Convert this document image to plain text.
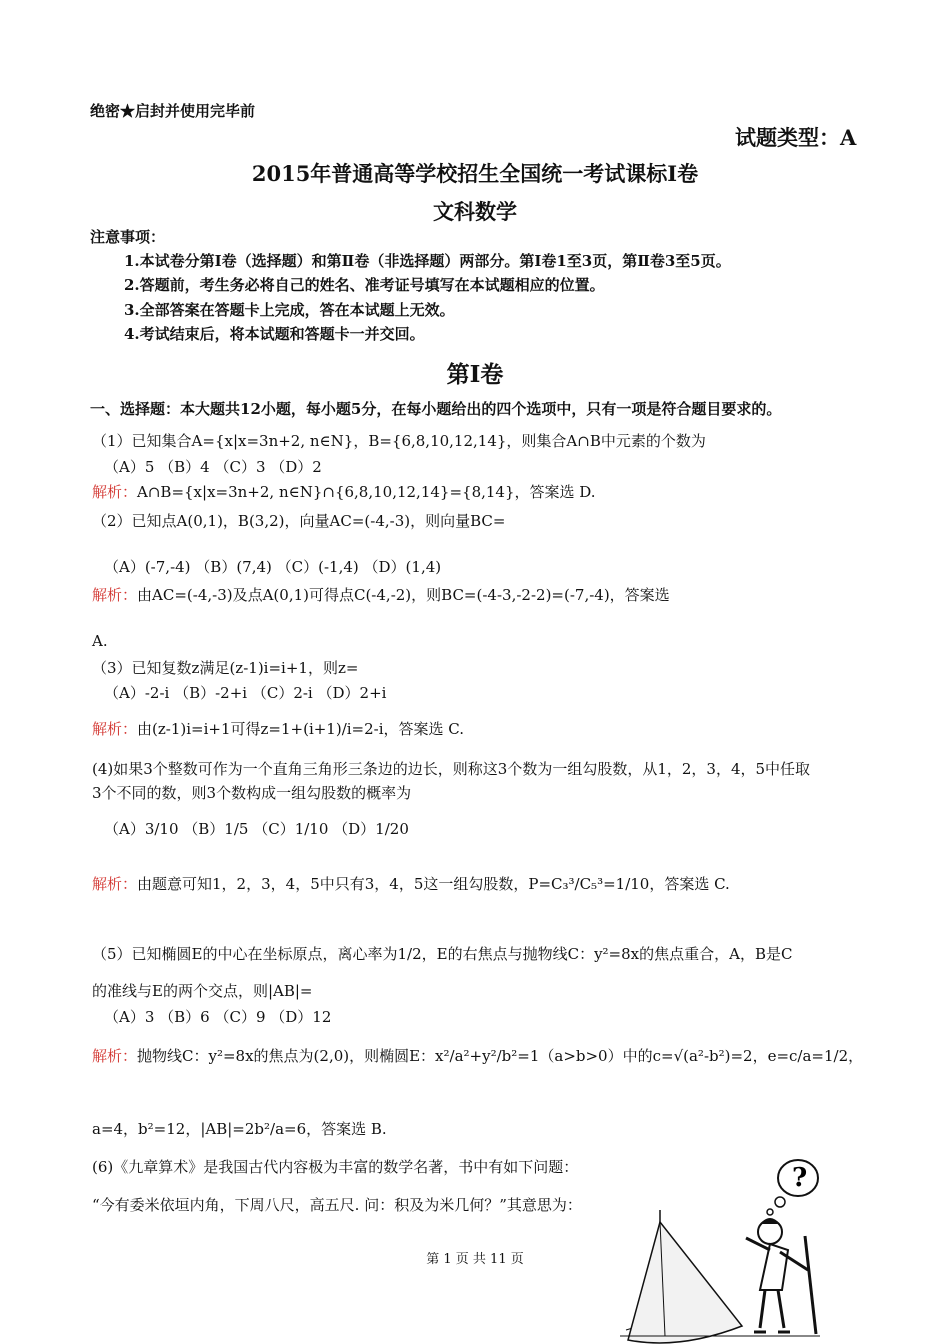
绝密★启封并使用完毕前
试题类型：A
2015年普通高等学校招生全国统一考试课标Ⅰ卷
文科数学
注意事项：
1.本试卷分第Ⅰ卷（选择题）和第Ⅱ卷（非选择题）两部分。第Ⅰ卷1至3页，第Ⅱ卷3至5页。
2.答题前，考生务必将自己的姓名、准考证号填写在本试题相应的位置。
3.全部答案在答题卡上完成，答在本试题上无效。
4.考试结束后，将本试题和答题卡一并交回。
第Ⅰ卷
一、选择题：本大题共12小题，每小题5分，在每小题给出的四个选项中，只有一项是符合题目要求的。
（1）已知集合A={x|x=3n+2, n∈N}，B={6,8,10,12,14}，则集合A∩B中元素的个数为
（A）5 （B）4 （C）3 （D）2
解析：A∩B={x|x=3n+2, n∈N}∩{6,8,10,12,14}={8,14}，答案选 D.
（2）已知点A(0,1)，B(3,2)，向量AC=(-4,-3)，则向量BC=
（A）(-7,-4) （B）(7,4) （C）(-1,4) （D）(1,4)
解析：由AC=(-4,-3)及点A(0,1)可得点C(-4,-2)，则BC=(-4-3,-2-2)=(-7,-4)，答案选
A.
（3）已知复数z满足(z-1)i=i+1，则z=
（A）-2-i （B）-2+i （C）2-i （D）2+i
解析：由(z-1)i=i+1可得z=1+(i+1)/i=2-i，答案选 C.
(4)如果3个整数可作为一个直角三角形三条边的边长，则称这3个数为一组勾股数，从1，2，3，4，5中任取
3个不同的数，则3个数构成一组勾股数的概率为
（A）3/10 （B）1/5 （C）1/10 （D）1/20
解析：由题意可知1，2，3，4，5中只有3，4，5这一组勾股数，P=C₃³/C₅³=1/10，答案选 C.
（5）已知椭圆E的中心在坐标原点，离心率为1/2，E的右焦点与抛物线C：y²=8x的焦点重合，A，B是C
的准线与E的两个交点，则|AB|=
（A）3 （B）6 （C）9 （D）12
解析：抛物线C：y²=8x的焦点为(2,0)，则椭圆E：x²/a²+y²/b²=1（a>b>0）中的c=√(a²-b²)=2，e=c/a=1/2，
a=4，b²=12，|AB|=2b²/a=6，答案选 B.
(6)《九章算术》是我国古代内容极为丰富的数学名著，书中有如下问题：
“今有委米依垣内角，下周八尺，高五尺. 问：积及为米几何？”其意思为：
第 1 页 共 11 页
?
